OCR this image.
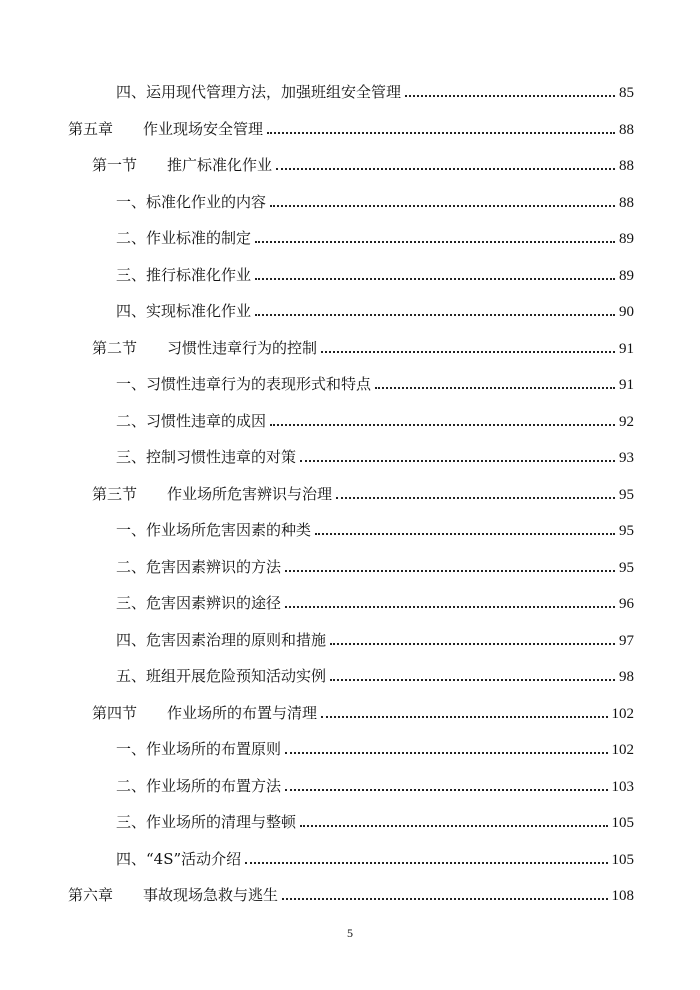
四、 运用现代管理方法，加强班组安全管理	85
第五章 作业现场安全管理	88
第一节 推广标准化作业	88
一、 标准化作业的内容	88
二、 作业标准的制定	89
三、 推行标准化作业	89
四、 实现标准化作业	90
第二节 习惯性违章行为的控制	91
一、 习惯性违章行为的表现形式和特点	91
二、 习惯性违章的成因	92
三、 控制习惯性违章的对策	93
第三节 作业场所危害辨识与治理	95
一、 作业场所危害因素的种类	95
二、 危害因素辨识的方法	95
三、 危害因素辨识的途径	96
四、 危害因素治理的原则和措施	97
五、 班组开展危险预知活动实例	98
第四节 作业场所的布置与清理	102
一、 作业场所的布置原则	102
二、 作业场所的布置方法	103
三、 作业场所的清理与整顿	105
四、 “4S”活动介绍	105
第六章 事故现场急救与逃生	108
5
